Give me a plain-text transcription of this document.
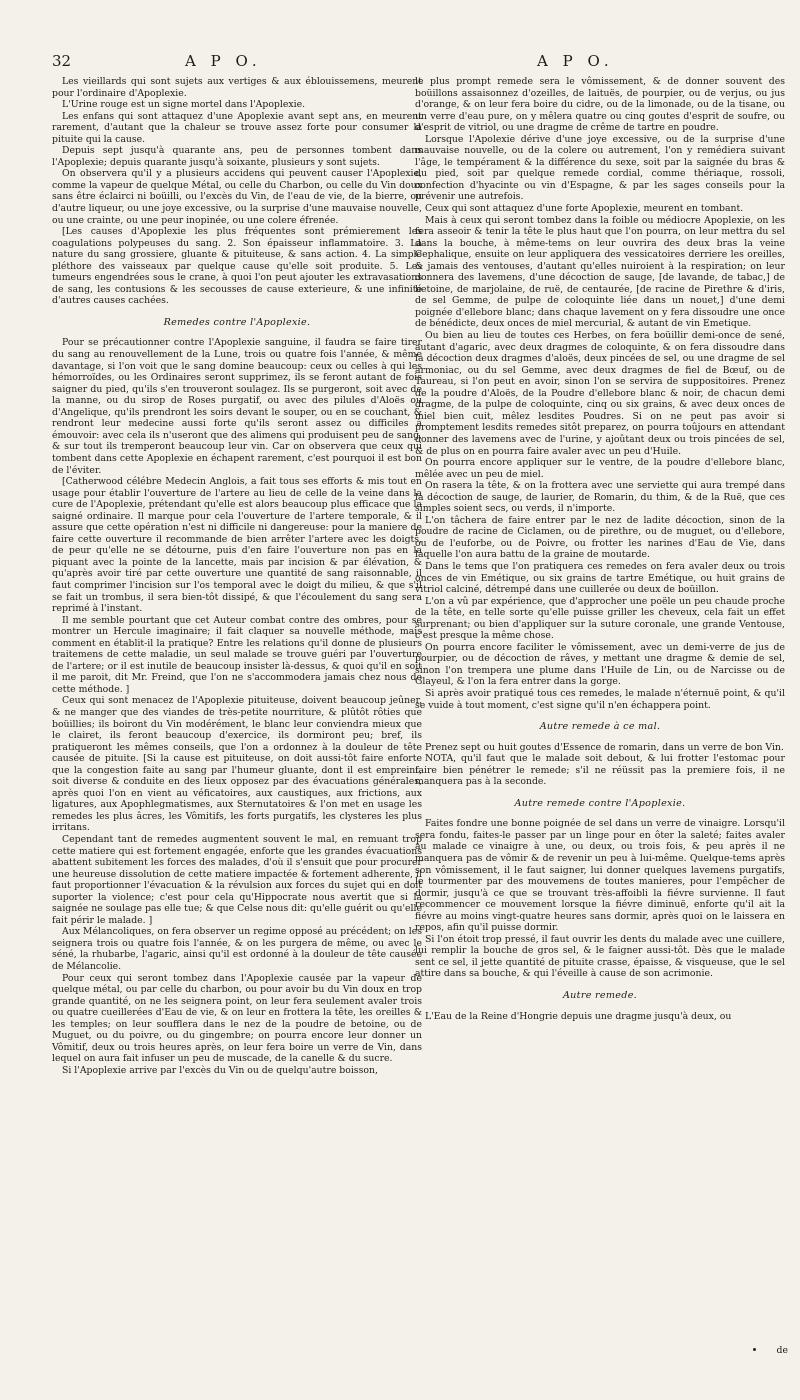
32	A P O.	A P O.

Les vieillards qui sont sujets aux vertiges & aux éblouissemens, meurent pour l'ordinaire d'Apoplexie.

L'Urine rouge est un signe mortel dans l'Apoplexie.

Les enfans qui sont attaquez d'une Apoplexie avant sept ans, en meurent rarement, d'autant que la chaleur se trouve assez forte pour consumer la pituite qui la cause.

Depuis sept jusqu'à quarante ans, peu de personnes tombent dans l'Apoplexie; depuis quarante jusqu'à soixante, plusieurs y sont sujets.

On observera qu'il y a plusieurs accidens qui peuvent causer l'Apoplexie, comme la vapeur de quelque Métal, ou celle du Charbon, ou celle du Vin doux sans être éclairci ni boüilli, ou l'excès du Vin, de l'eau de vie, de la bierre, ou d'autre liqueur, ou une joye excessive, ou la surprise d'une mauvaise nouvelle, ou une crainte, ou une peur inopinée, ou une colere éfrenée.

[Les causes d'Apoplexie les plus fréquentes sont prémierement les coagulations polypeuses du sang. 2. Son épaisseur inflammatoire. 3. La nature du sang grossiere, gluante & pituiteuse, & sans action. 4. La simple pléthore des vaisseaux par quelque cause qu'elle soit produite. 5. Les tumeurs engendrées sous le crane, à quoi l'on peut ajouter les extravasations de sang, les contusions & les secousses de cause exterieure, & une infinité d'autres causes cachées.

Remedes contre l'Apoplexie.

Pour se précautionner contre l'Apoplexie sanguine, il faudra se faire tirer du sang au renouvellement de la Lune, trois ou quatre fois l'année, & même davantage, si l'on voit que le sang domine beaucoup: ceux ou celles à qui les hémorroïdes, ou les Ordinaires seront supprimez, ils se feront autant de fois saigner du pied, qu'ils s'en trouveront soulagez. Ils se purgeront, soit avec de la manne, ou du sirop de Roses purgatif, ou avec des pilules d'Aloës ou d'Angelique, qu'ils prendront les soirs devant le souper, ou en se couchant, & rendront leur medecine aussi forte qu'ils seront assez ou difficiles à émouvoir: avec cela ils n'useront que des alimens qui produisent peu de sang, & sur tout ils tremperont beaucoup leur vin. Car on observera que ceux qui tombent dans cette Apoplexie en échapent rarement, c'est pourquoi il est bon de l'éviter.

[Catherwood célébre Medecin Anglois, a fait tous ses efforts & mis tout en usage pour établir l'ouverture de l'artere au lieu de celle de la veine dans la cure de l'Apoplexie, prétendant qu'elle est alors beaucoup plus efficace que la saigné ordinaire. Il marque pour cela l'ouverture de l'artere temporale, & il assure que cette opération n'est ni difficile ni dangereuse: pour la maniere de faire cette ouverture il recommande de bien arrêter l'artere avec les doigts, de peur qu'elle ne se détourne, puis d'en faire l'ouverture non pas en la piquant avec la pointe de la lancette, mais par incision & par élévation, & qu'après avoir tiré par cette ouverture une quantité de sang raisonnable, il faut comprimer l'incision sur l'os temporal avec le doigt du milieu, & que s'il se fait un trombus, il sera bien-tôt dissipé, & que l'écoulement du sang sera reprimé à l'instant.

Il me semble pourtant que cet Auteur combat contre des ombres, pour se montrer un Hercule imaginaire; il fait claquer sa nouvelle méthode, mais comment en établit-il la pratique? Entre les relations qu'il donne de plusieurs traitemens de cette maladie, un seul malade se trouve guéri par l'ouverture de l'artere; or il est inutile de beaucoup insister là-dessus, & quoi qu'il en soit il me paroit, dit Mr. Freind, que l'on ne s'accommodera jamais chez nous de cette méthode. ]

Ceux qui sont menacez de l'Apoplexie pituiteuse, doivent beaucoup jeûner, & ne manger que des viandes de très-petite nourriture, & plûtôt rôties que boüillies; ils boiront du Vin modérément, le blanc leur conviendra mieux que le clairet, ils feront beaucoup d'exercice, ils dormiront peu; bref, ils pratiqueront les mêmes conseils, que l'on a ordonnez à la douleur de tête causée de pituite. [Si la cause est pituiteuse, on doit aussi-tôt faire enforte que la congestion faite au sang par l'humeur gluante, dont il est empreint, soit diverse & conduite en des lieux opposez par des évacuations générales, après quoi l'on en vient au véficatoires, aux caustiques, aux frictions, aux ligatures, aux Apophlegmatismes, aux Sternutatoires & l'on met en usage les remedes les plus âcres, les Vômitifs, les forts purgatifs, les clysteres les plus irritans.

Cependant tant de remedes augmentent souvent le mal, en remuant trop cette matiere qui est fortement engagée, enforte que les grandes évacuations abattent subitement les forces des malades, d'où il s'ensuit que pour procurer une heureuse dissolution de cette matiere impactée & fortement adherente, il faut proportionner l'évacuation & la révulsion aux forces du sujet qui en doit suporter la violence; c'est pour cela qu'Hippocrate nous avertit que si la saignée ne soulage pas elle tue; & que Celse nous dit: qu'elle guérit ou qu'elle fait périr le malade. ]

Aux Mélancoliques, on fera observer un regime opposé au précédent; on les seignera trois ou quatre fois l'année, & on les purgera de même, ou avec le séné, la rhubarbe, l'agaric, ainsi qu'il est ordonné à la douleur de tête causée de Mélancolie.

Pour ceux qui seront tombez dans l'Apoplexie causée par la vapeur de quelque métal, ou par celle du charbon, ou pour avoir bu du Vin doux en trop grande quantité, on ne les seignera point, on leur fera seulement avaler trois ou quatre cueillerées d'Eau de vie, & on leur en frottera la tête, les oreilles & les temples; on leur soufflera dans le nez de la poudre de betoine, ou de Muguet, ou du poivre, ou du gingembre; on pourra encore leur donner un Vômitif, deux ou trois heures après, on leur fera boire un verre de Vin, dans lequel on aura fait infuser un peu de muscade, de la canelle & du sucre.

Si l'Apoplexie arrive par l'excès du Vin ou de quelqu'autre boisson,

le plus prompt remede sera le vômissement, & de donner souvent des boüillons assaisonnez d'ozeilles, de laituës, de pourpier, ou de verjus, ou jus d'orange, & on leur fera boire du cidre, ou de la limonade, ou de la tisane, ou un verre d'eau pure, on y mêlera quatre ou cinq goutes d'esprit de soufre, ou d'esprit de vitriol, ou une dragme de crême de tartre en poudre.

Lorsque l'Apolexie dérive d'une joye excessive, ou de la surprise d'une mauvaise nouvelle, ou de la colere ou autrement, l'on y remédiera suivant l'âge, le tempérament & la différence du sexe, soit par la saignée du bras & du pied, soit par quelque remede cordial, comme thériaque, rossoli, confection d'hyacinte ou vin d'Espagne, & par les sages conseils pour la prévenir une autrefois.

Ceux qui sont attaquez d'une forte Apoplexie, meurent en tombant.

Mais à ceux qui seront tombez dans la foible ou médiocre Apoplexie, on les fera asseoir & tenir la tête le plus haut que l'on pourra, on leur mettra du sel dans la bouche, à même-tems on leur ouvrira des deux bras la veine Cephalique, ensuite on leur appliquera des vessicatoires derriere les oreilles, & jamais des ventouses, d'autant qu'elles nuiroient à la respiration; on leur donnera des lavemens, d'une décoction de sauge, [de lavande, de tabac,] de betoine, de marjolaine, de ruë, de centaurée, [de racine de Pirethre & d'iris, de sel Gemme, de pulpe de coloquinte liée dans un nouet,] d'une demi poignée d'ellebore blanc; dans chaque lavement on y fera dissoudre une once de bénédicte, deux onces de miel mercurial, & autant de vin Emetique.

Ou bien au lieu de toutes ces Herbes, on fera boüillir demi-once de sené, autant d'agaric, avec deux dragmes de coloquinte, & on fera dissoudre dans la décoction deux dragmes d'aloës, deux pincées de sel, ou une dragme de sel armoniac, ou du sel Gemme, avec deux dragmes de fiel de Bœuf, ou de Taureau, si l'on peut en avoir, sinon l'on se servira de suppositoires. Prenez de la poudre d'Aloës, de la Poudre d'ellebore blanc & noir, de chacun demi dragme, de la pulpe de coloquinte, cinq ou six grains, & avec deux onces de miel bien cuit, mêlez lesdites Poudres. Si on ne peut pas avoir si promptement lesdits remedes sitôt preparez, on pourra toûjours en attendant donner des lavemens avec de l'urine, y ajoûtant deux ou trois pincées de sel, & de plus on en pourra faire avaler avec un peu d'Huile.

On pourra encore appliquer sur le ventre, de la poudre d'ellebore blanc, mêlée avec un peu de miel.

On rasera la tête, & on la frottera avec une serviette qui aura trempé dans la décoction de sauge, de laurier, de Romarin, du thim, & de la Ruë, que ces simples soient secs, ou verds, il n'importe.

L'on tâchera de faire entrer par le nez de ladite décoction, sinon de la poudre de racine de Ciclamen, ou de pirethre, ou de muguet, ou d'ellebore, ou de l'euforbe, ou de Poivre, ou frotter les narines d'Eau de Vie, dans laquelle l'on aura battu de la graine de moutarde.

Dans le tems que l'on pratiquera ces remedes on fera avaler deux ou trois onces de vin Emétique, ou six grains de tartre Emétique, ou huit grains de vitriol calciné, détrempé dans une cuillerée ou deux de boüillon.

L'on a vû par expérience, que d'approcher une poële un peu chaude proche de la tête, en telle sorte qu'elle puisse griller les cheveux, cela fait un effet surprenant; ou bien d'appliquer sur la suture coronale, une grande Ventouse, c'est presque la même chose.

On pourra encore faciliter le vômissement, avec un demi-verre de jus de pourpier, ou de décoction de râves, y mettant une dragme & demie de sel, sinon l'on trempera une plume dans l'Huile de Lin, ou de Narcisse ou de Glayeul, & l'on la fera entrer dans la gorge.

Si après avoir pratiqué tous ces remedes, le malade n'éternuë point, & qu'il se vuide à tout moment, c'est signe qu'il n'en échappera point.

Autre remede à ce mal.

Prenez sept ou huit goutes d'Essence de romarin, dans un verre de bon Vin.

NOTA, qu'il faut que le malade soit debout, & lui frotter l'estomac pour faire bien pénétrer le remede; s'il ne réüssit pas la premiere fois, il ne manquera pas à la seconde.

Autre remede contre l'Apoplexie.

Faites fondre une bonne poignée de sel dans un verre de vinaigre. Lorsqu'il sera fondu, faites-le passer par un linge pour en ôter la saleté; faites avaler au malade ce vinaigre à une, ou deux, ou trois fois, & peu après il ne manquera pas de vômir & de revenir un peu à lui-même. Quelque-tems après son vômissement, il le faut saigner, lui donner quelques lavemens purgatifs, le tourmenter par des mouvemens de toutes manieres, pour l'empêcher de dormir, jusqu'à ce que se trouvant très-affoibli la fiévre survienne. Il faut recommencer ce mouvement lorsque la fiévre diminuë, enforte qu'il ait la fiévre au moins vingt-quatre heures sans dormir, après quoi on le laissera en repos, afin qu'il puisse dormir.

Si l'on étoit trop pressé, il faut ouvrir les dents du malade avec une cuillere, lui remplir la bouche de gros sel, & le faigner aussi-tôt. Dès que le malade sent ce sel, il jette quantité de pituite crasse, épaisse, & visqueuse, que le sel attire dans sa bouche, & qui l'éveille à cause de son acrimonie.

Autre remede.

L'Eau de la Reine d'Hongrie depuis une dragme jusqu'à deux, ou

de
